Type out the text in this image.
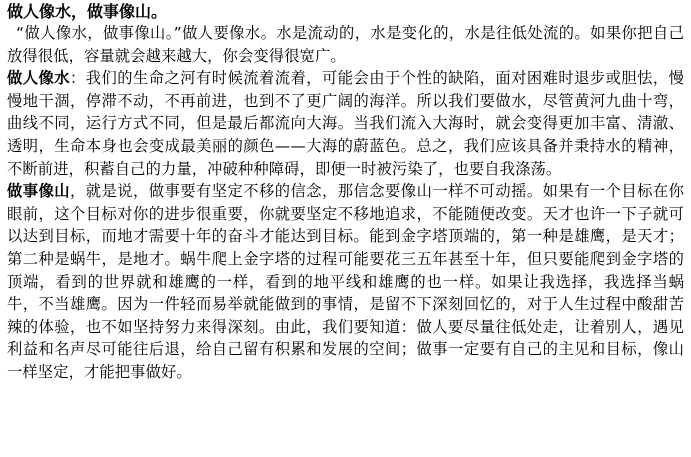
做人像水，做事像山。

“做人像水，做事像山。”做人要像水。水是流动的，水是变化的，水是往低处流的。如果你把自己放得很低，容量就会越来越大，你会变得很宽广。

做人像水：我们的生命之河有时候流着流着，可能会由于个性的缺陷，面对困难时退步或胆怯，慢慢地干涸，停滞不动，不再前进，也到不了更广阔的海洋。所以我们要做水，尽管黄河九曲十弯，曲线不同，运行方式不同，但是最后都流向大海。当我们流入大海时，就会变得更加丰富、清澈、透明，生命本身也会变成最美丽的颜色——大海的蔚蓝色。总之，我们应该具备并秉持水的精神，不断前进，积蓄自己的力量，冲破种种障碍，即便一时被污染了，也要自我涤荡。

做事像山，就是说，做事要有坚定不移的信念，那信念要像山一样不可动摇。如果有一个目标在你眼前，这个目标对你的进步很重要，你就要坚定不移地追求，不能随便改变。天才也许一下子就可以达到目标，而地才需要十年的奋斗才能达到目标。能到金字塔顶端的，第一种是雄鹰，是天才；第二种是蜗牛，是地才。蜗牛爬上金字塔的过程可能要花三五年甚至十年，但只要能爬到金字塔的顶端，看到的世界就和雄鹰的一样，看到的地平线和雄鹰的也一样。如果让我选择，我选择当蜗牛，不当雄鹰。因为一件轻而易举就能做到的事情，是留不下深刻回忆的，对于人生过程中酸甜苦辣的体验，也不如坚持努力来得深刻。由此，我们要知道：做人要尽量往低处走，让着别人，遇见利益和名声尽可能往后退，给自己留有积累和发展的空间；做事一定要有自己的主见和目标，像山一样坚定，才能把事做好。
